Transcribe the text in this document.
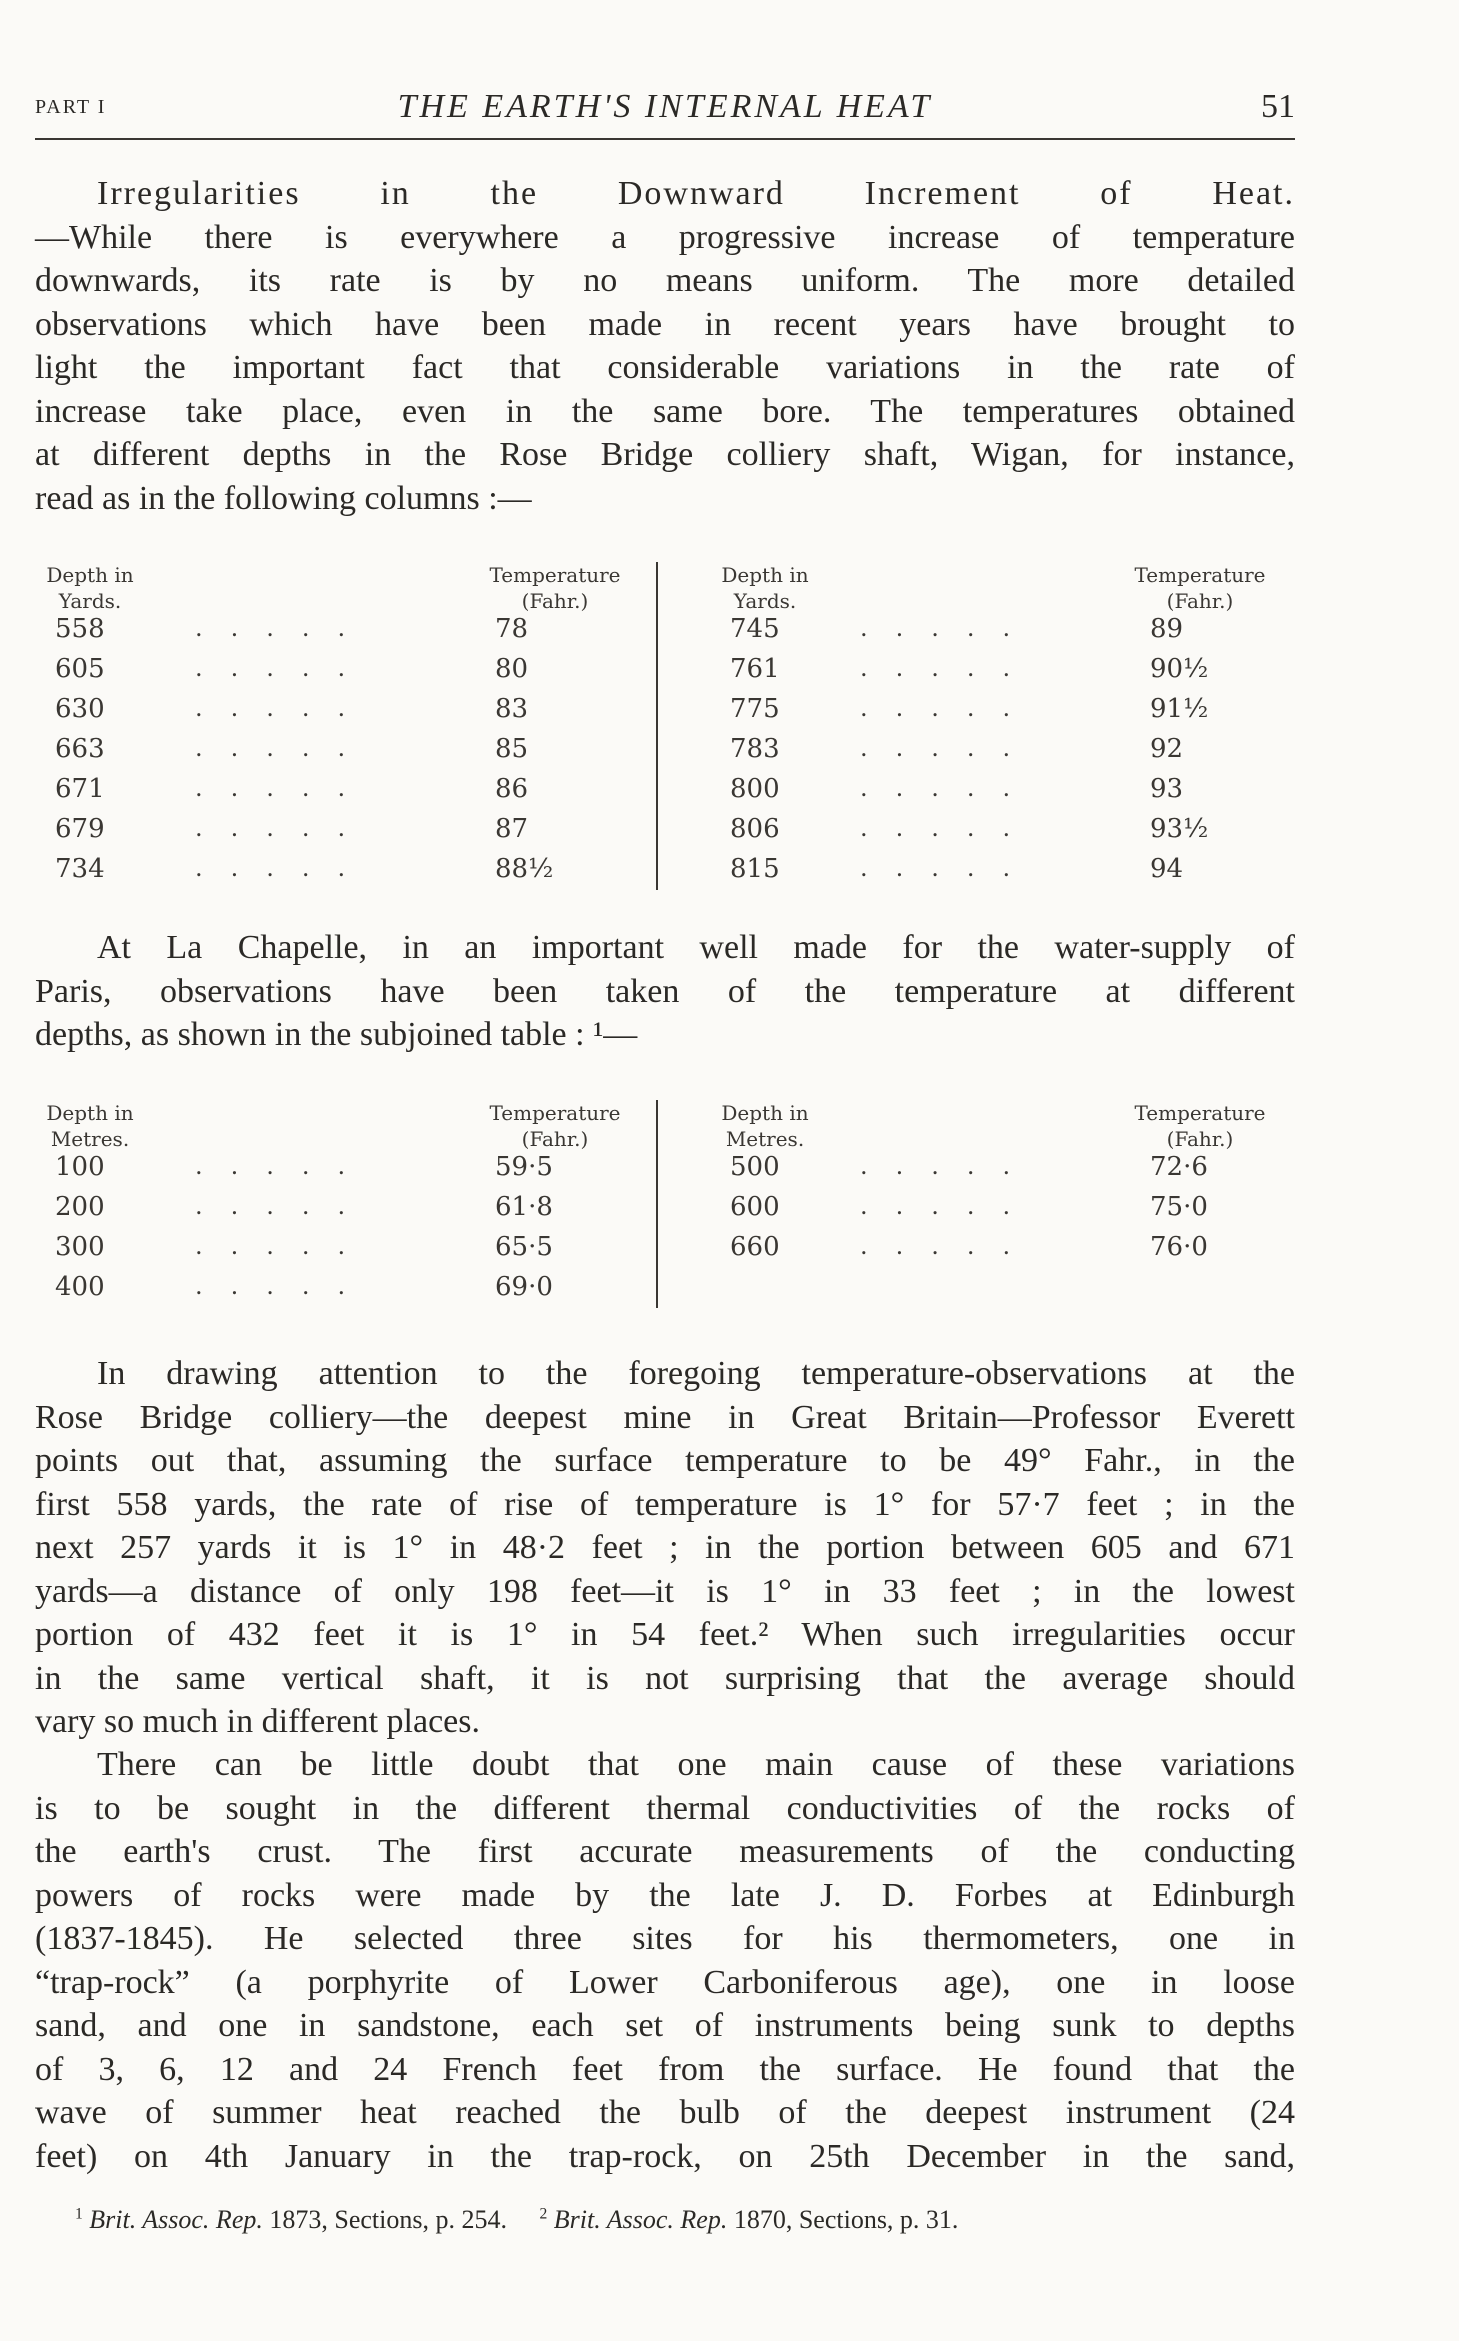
PART I	THE EARTH'S INTERNAL HEAT	51
Irregularities in the Downward Increment of Heat.
—While there is everywhere a progressive increase of temperature
downwards, its rate is by no means uniform. The more detailed
observations which have been made in recent years have brought to
light the important fact that considerable variations in the rate of
increase take place, even in the same bore. The temperatures obtained
at different depths in the Rose Bridge colliery shaft, Wigan, for instance,
read as in the following columns :—
Depth in
Yards.
Temperature
(Fahr.)
558	.....	78
605	.....	80
630	.....	83
663	.....	85
671	.....	86
679	.....	87
734	.....	88½
Depth in
Yards.
Temperature
(Fahr.)
745	.....	89
761	.....	90½
775	.....	91½
783	.....	92
800	.....	93
806	.....	93½
815	.....	94
At La Chapelle, in an important well made for the water-supply of
Paris, observations have been taken of the temperature at different
depths, as shown in the subjoined table : ¹—
Depth in
Metres.
Temperature
(Fahr.)
100	.....	59·5
200	.....	61·8
300	.....	65·5
400	.....	69·0
Depth in
Metres.
Temperature
(Fahr.)
500	.....	72·6
600	.....	75·0
660	.....	76·0
In drawing attention to the foregoing temperature-observations at the
Rose Bridge colliery—the deepest mine in Great Britain—Professor Everett
points out that, assuming the surface temperature to be 49° Fahr., in the
first 558 yards, the rate of rise of temperature is 1° for 57·7 feet ; in the
next 257 yards it is 1° in 48·2 feet ; in the portion between 605 and 671
yards—a distance of only 198 feet—it is 1° in 33 feet ; in the lowest
portion of 432 feet it is 1° in 54 feet.² When such irregularities occur
in the same vertical shaft, it is not surprising that the average should
vary so much in different places.
There can be little doubt that one main cause of these variations
is to be sought in the different thermal conductivities of the rocks of
the earth's crust. The first accurate measurements of the conducting
powers of rocks were made by the late J. D. Forbes at Edinburgh
(1837-1845). He selected three sites for his thermometers, one in
“trap-rock” (a porphyrite of Lower Carboniferous age), one in loose
sand, and one in sandstone, each set of instruments being sunk to depths
of 3, 6, 12 and 24 French feet from the surface. He found that the
wave of summer heat reached the bulb of the deepest instrument (24
feet) on 4th January in the trap-rock, on 25th December in the sand,
$^1$ Brit. Assoc. Rep. 1873, Sections, p. 254. $^2$ Brit. Assoc. Rep. 1870, Sections, p. 31.
